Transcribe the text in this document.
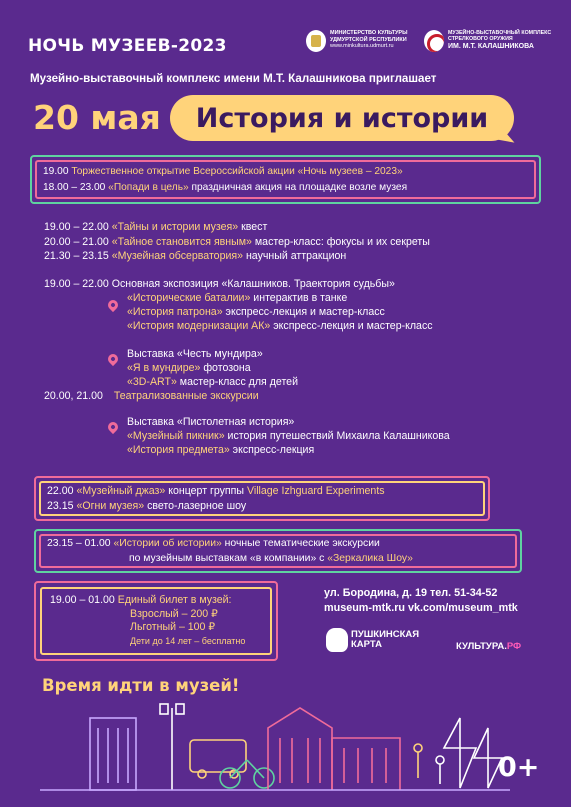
НОЧЬ МУЗЕЕВ-2023
МИНИСТЕРСТВО КУЛЬТУРЫ
УДМУРТСКОЙ РЕСПУБЛИКИ
www.minkultura.udmurt.ru
МУЗЕЙНО-ВЫСТАВОЧНЫЙ КОМПЛЕКС
СТРЕЛКОВОГО ОРУЖИЯ
ИМ. М.Т. КАЛАШНИКОВА
Музейно-выставочный комплекс имени М.Т. Калашникова приглашает
20 мая История и истории
19.00 Торжественное открытие Всероссийской акции «Ночь музеев – 2023»
18.00 – 23.00 «Попади в цель» праздничная акция на площадке возле музея
19.00 – 22.00 «Тайны и истории музея» квест
20.00 – 21.00 «Тайное становится явным» мастер-класс: фокусы и их секреты
21.30 – 23.15 «Музейная обсерватория» научный аттракцион
19.00 – 22.00 Основная экспозиция «Калашников. Траектория судьбы»
«Исторические баталии» интерактив в танке
«История патрона» экспресс-лекция и мастер-класс
«История модернизации АК» экспресс-лекция и мастер-класс
Выставка «Честь мундира»
«Я в мундире» фотозона
«3D-ART» мастер-класс для детей
20.00, 21.00 Театрализованные экскурсии
Выставка «Пистолетная история»
«Музейный пикник» история путешествий Михаила Калашникова
«История предмета» экспресс-лекция
22.00 «Музейный джаз» концерт группы Village Izhguard Experiments
23.15 «Огни музея» свето-лазерное шоу
23.15 – 01.00 «Истории об истории» ночные тематические экскурсии
по музейным выставкам «в компании» с «Зеркалика Шоу»
19.00 – 01.00 Единый билет в музей:
Взрослый – 200 ₽
Льготный – 100 ₽
Дети до 14 лет – бесплатно
ул. Бородина, д. 19 тел. 51-34-52
museum-mtk.ru vk.com/museum_mtk
ПУШКИНСКАЯ
КАРТА	КУЛЬТУРА.РФ
Время идти в музей!
0+
